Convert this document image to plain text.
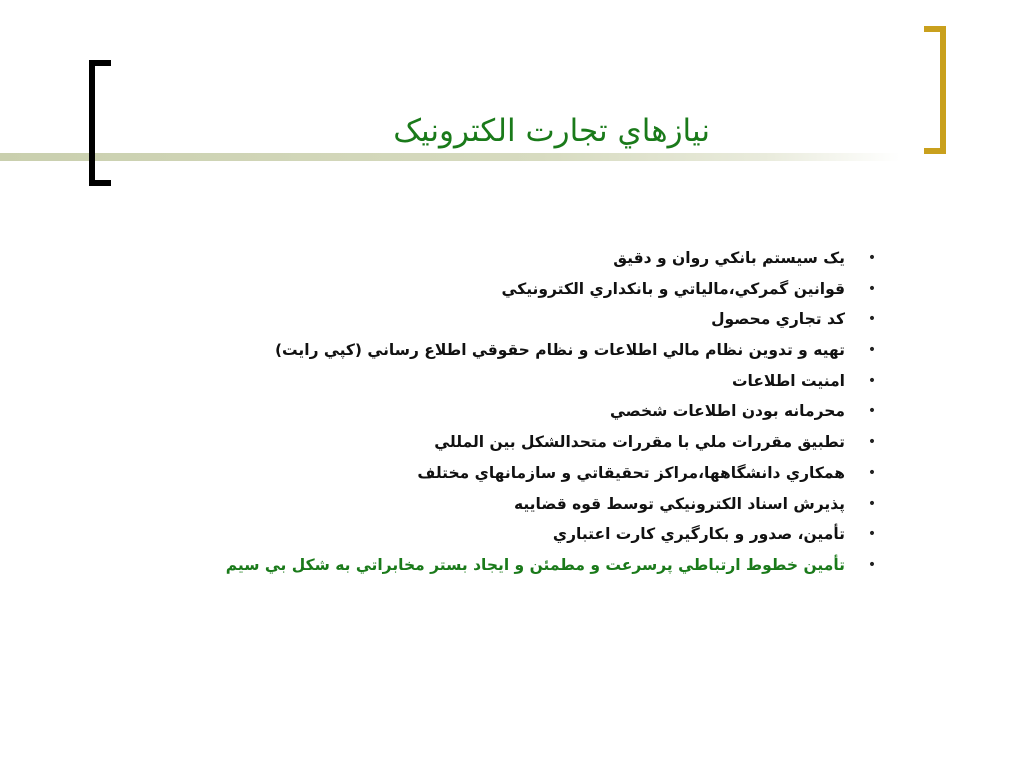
نيازهاي تجارت الکترونيک
•يک سيستم بانکي روان و دقيق
•قوانين گمرکي،مالياتي و بانکداري الکترونيکي
•کد تجاري محصول
•تهيه و تدوين نظام مالي اطلاعات و نظام حقوقي اطلاع رساني (کپي رايت)
•امنيت اطلاعات
•محرمانه بودن اطلاعات شخصي
•تطبيق مقررات ملي با مقررات متحدالشکل بين المللي
•همکاري دانشگاهها،مراکز تحقيقاتي و سازمانهاي مختلف
•پذيرش اسناد الکترونيکي توسط قوه قضاييه
•تأمين، صدور و بکارگيري کارت اعتباري
•تأمين خطوط ارتباطي پرسرعت و مطمئن و ايجاد بستر مخابراتي به شکل بي سيم
